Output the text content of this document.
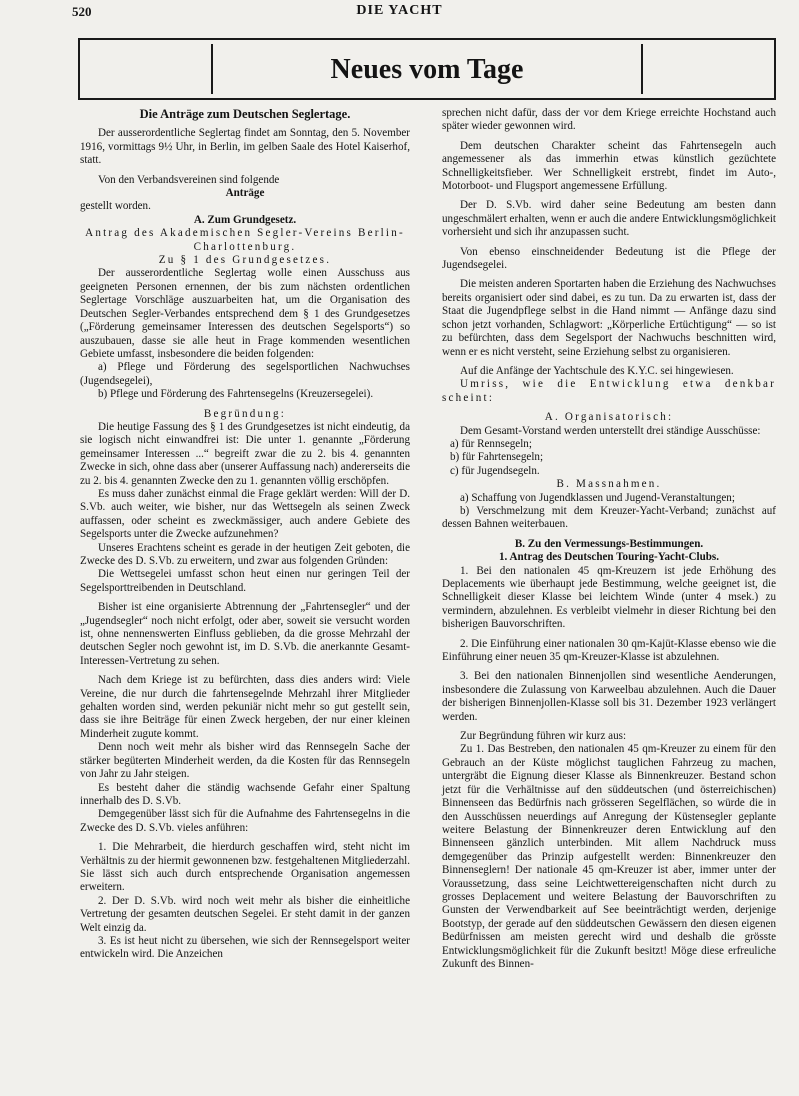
520	DIE YACHT
Neues vom Tage

Die Anträge zum Deutschen Seglertage.

Der ausserordentliche Seglertag findet am Sonntag, den 5. November 1916, vormittags 9½ Uhr, in Berlin, im gelben Saale des Hotel Kaiserhof, statt.

Von den Verbandsvereinen sind folgende

Anträge

gestellt worden.

A. Zum Grundgesetz.

Antrag des Akademischen Segler-Vereins Berlin-Charlottenburg.

Zu § 1 des Grundgesetzes.

Der ausserordentliche Seglertag wolle einen Ausschuss aus geeigneten Personen ernennen, der bis zum nächsten ordentlichen Seglertage Vorschläge auszuarbeiten hat, um die Organisation des Deutschen Segler-Verbandes entsprechend dem § 1 des Grundgesetzes („Förderung gemeinsamer Interessen des deutschen Segelsports“) so auszubauen, dasse sie alle heut in Frage kommenden wesentlichen Gebiete umfasst, insbesondere die beiden folgenden:

a) Pflege und Förderung des segelsportlichen Nachwuchses (Jugendsegelei),

b) Pflege und Förderung des Fahrtensegelns (Kreuzersegelei).

Begründung:

Die heutige Fassung des § 1 des Grundgesetzes ist nicht eindeutig, da sie logisch nicht einwandfrei ist: Die unter 1. genannte „Förderung gemeinsamer Interessen ...“ begreift zwar die zu 2. bis 4. genannten Zwecke in sich, ohne dass aber (unserer Auffassung nach) andererseits die zu 2. bis 4. genannten Zwecke den zu 1. genannten völlig erschöpfen.

Es muss daher zunächst einmal die Frage geklärt werden: Will der D. S.Vb. auch weiter, wie bisher, nur das Wettsegeln als seinen Zweck auffassen, oder scheint es zweckmässiger, auch andere Gebiete des Segelsports unter die Zwecke aufzunehmen?

Unseres Erachtens scheint es gerade in der heutigen Zeit geboten, die Zwecke des D. S.Vb. zu erweitern, und zwar aus folgenden Gründen:

Die Wettsegelei umfasst schon heut einen nur geringen Teil der Segelsporttreibenden in Deutschland.

Bisher ist eine organisierte Abtrennung der „Fahrtensegler“ und der „Jugendsegler“ noch nicht erfolgt, oder aber, soweit sie versucht worden ist, ohne nennenswerten Einfluss geblieben, da die grosse Mehrzahl der deutschen Segler noch gewohnt ist, im D. S.Vb. die anerkannte Gesamt-Interessen-Vertretung zu sehen.

Nach dem Kriege ist zu befürchten, dass dies anders wird: Viele Vereine, die nur durch die fahrtensegelnde Mehrzahl ihrer Mitglieder gehalten worden sind, werden pekuniär nicht mehr so gut gestellt sein, dass sie ihre Beiträge für einen Zweck hergeben, der nur einer kleinen Minderheit zugute kommt.

Denn noch weit mehr als bisher wird das Rennsegeln Sache der stärker begüterten Minderheit werden, da die Kosten für das Rennsegeln von Jahr zu Jahr steigen.

Es besteht daher die ständig wachsende Gefahr einer Spaltung innerhalb des D. S.Vb.

Demgegenüber lässt sich für die Aufnahme des Fahrtensegelns in die Zwecke des D. S.Vb. vieles anführen:

1. Die Mehrarbeit, die hierdurch geschaffen wird, steht nicht im Verhältnis zu der hiermit gewonnenen bzw. festgehaltenen Mitgliederzahl. Sie lässt sich auch durch entsprechende Organisation angemessen erweitern.

2. Der D. S.Vb. wird noch weit mehr als bisher die einheitliche Vertretung der gesamten deutschen Segelei. Er steht damit in der ganzen Welt einzig da.

3. Es ist heut nicht zu übersehen, wie sich der Rennsegelsport weiter entwickeln wird. Die Anzeichen

sprechen nicht dafür, dass der vor dem Kriege erreichte Hochstand auch später wieder gewonnen wird.

Dem deutschen Charakter scheint das Fahrtensegeln auch angemessener als das immerhin etwas künstlich gezüchtete Schnelligkeitsfieber. Wer Schnelligkeit erstrebt, findet im Auto-, Motorboot- und Flugsport angemessene Erfüllung.

Der D. S.Vb. wird daher seine Bedeutung am besten dann ungeschmälert erhalten, wenn er auch die andere Entwicklungsmöglichkeit vorhersieht und sich ihr anzupassen sucht.

Von ebenso einschneidender Bedeutung ist die Pflege der Jugendsegelei.

Die meisten anderen Sportarten haben die Erziehung des Nachwuchses bereits organisiert oder sind dabei, es zu tun. Da zu erwarten ist, dass der Staat die Jugendpflege selbst in die Hand nimmt — Anfänge dazu sind schon jetzt vorhanden, Schlagwort: „Körperliche Ertüchtigung“ — so ist zu befürchten, dass dem Segelsport der Nachwuchs beschnitten wird, wenn er es nicht versteht, seine Erziehung selbst zu organisieren.

Auf die Anfänge der Yachtschule des K.Y.C. sei hingewiesen.

Umriss, wie die Entwicklung etwa denkbar scheint:

A. Organisatorisch:

Dem Gesamt-Vorstand werden unterstellt drei ständige Ausschüsse:

a) für Rennsegeln;

b) für Fahrtensegeln;

c) für Jugendsegeln.

B. Massnahmen.

a) Schaffung von Jugendklassen und Jugend-Veranstaltungen;

b) Verschmelzung mit dem Kreuzer-Yacht-Verband; zunächst auf dessen Bahnen weiterbauen.

B. Zu den Vermessungs-Bestimmungen.

1. Antrag des Deutschen Touring-Yacht-Clubs.

1. Bei den nationalen 45 qm-Kreuzern ist jede Erhöhung des Deplacements wie überhaupt jede Bestimmung, welche geeignet ist, die Schnelligkeit dieser Klasse bei leichtem Winde (unter 4 msek.) zu vermindern, abzulehnen. Es verbleibt vielmehr in dieser Richtung bei den bisherigen Bauvorschriften.

2. Die Einführung einer nationalen 30 qm-Kajüt-Klasse ebenso wie die Einführung einer neuen 35 qm-Kreuzer-Klasse ist abzulehnen.

3. Bei den nationalen Binnenjollen sind wesentliche Aenderungen, insbesondere die Zulassung von Karweelbau abzulehnen. Auch die Dauer der bisherigen Binnenjollen-Klasse soll bis 31. Dezember 1923 verlängert werden.

Zur Begründung führen wir kurz aus:

Zu 1. Das Bestreben, den nationalen 45 qm-Kreuzer zu einem für den Gebrauch an der Küste möglichst tauglichen Fahrzeug zu machen, untergräbt die Eignung dieser Klasse als Binnenkreuzer. Bestand schon jetzt für die Verhältnisse auf den süddeutschen (und österreichischen) Binnenseen das Bedürfnis nach grösseren Segelflächen, so würde die in den Ausschüssen neuerdings auf Anregung der Küstensegler geplante weitere Belastung der Binnenkreuzer deren Entwicklung auf den Binnenseen gänzlich unterbinden. Mit allem Nachdruck muss demgegenüber das Prinzip aufgestellt werden: Binnenkreuzer den Binnenseglern! Der nationale 45 qm-Kreuzer ist aber, immer unter der Voraussetzung, dass seine Leichtwettereigenschaften nicht durch zu grosses Deplacement und weitere Belastung der Bauvorschriften zu Gunsten der Verwendbarkeit auf See beeinträchtigt werden, derjenige Bootstyp, der gerade auf den süddeutschen Gewässern den diesen eigenen Bedürfnissen am meisten gerecht wird und deshalb die grösste Entwicklungsmöglichkeit für die Zukunft besitzt! Möge diese erfreuliche Zukunft des Binnen-
